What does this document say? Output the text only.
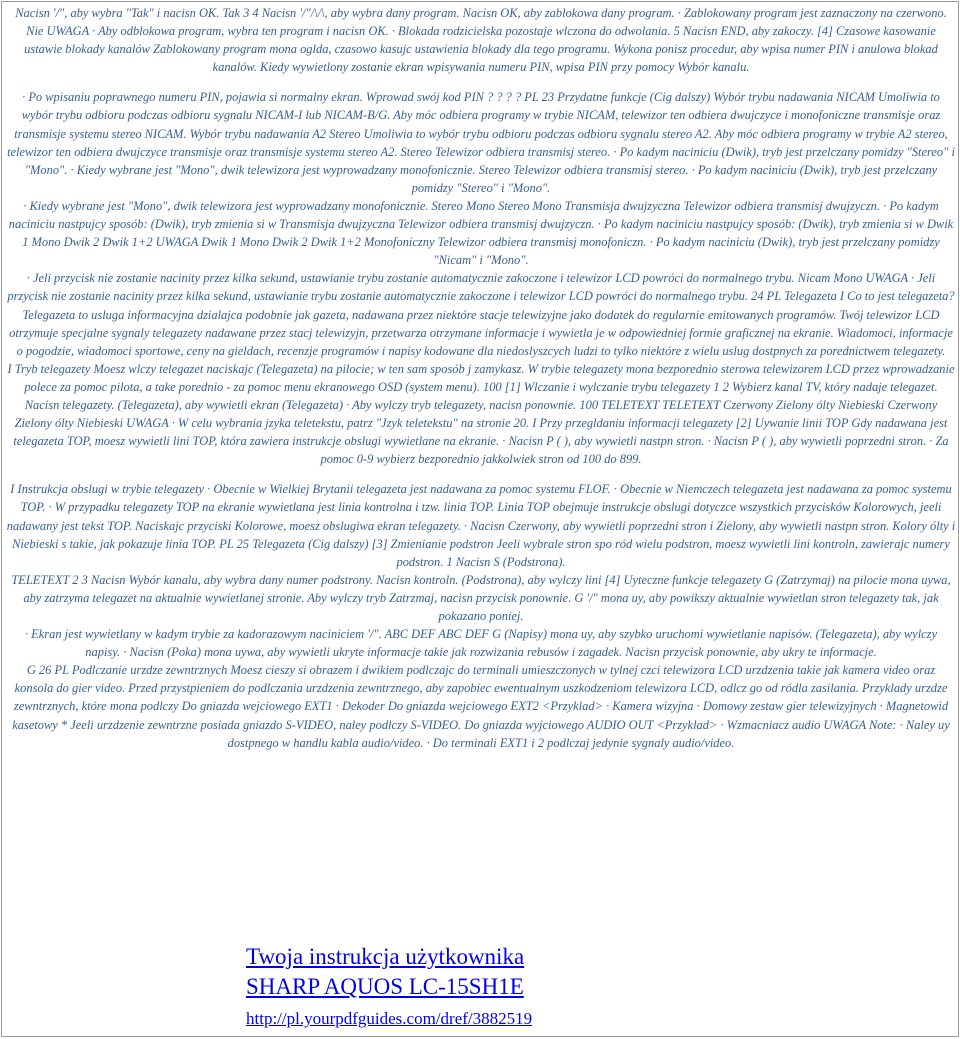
Nacisn '/", aby wybra "Tak" i nacisn OK. Tak 3 4 Nacisn '/"/\/\, aby wybra dany program. Nacisn OK, aby zablokowa dany program. · Zablokowany program jest zaznaczony na czerwono. Nie UWAGA · Aby odblokowa program, wybra ten program i nacisn OK. · Blokada rodzicielska pozostaje wlczona do odwolania. 5 Nacisn END, aby zakoczy. [4] Czasowe kasowanie ustawie blokady kanalów Zablokowany program mona oglda, czasowo kasujc ustawienia blokady dla tego programu. Wykona ponisz procedur, aby wpisa numer PIN i anulowa blokad kanalów. Kiedy wywietlony zostanie ekran wpisywania numeru PIN, wpisa PIN przy pomocy Wybór kanalu.

· Po wpisaniu poprawnego numeru PIN, pojawia si normalny ekran. Wprowad swój kod PIN ? ? ? ? PL 23 Przydatne funkcje (Cig dalszy) Wybór trybu nadawania NICAM Umoliwia to wybór trybu odbioru podczas odbioru sygnalu NICAM-I lub NICAM-B/G. Aby móc odbiera programy w trybie NICAM, telewizor ten odbiera dwujczyce i monofoniczne transmisje oraz transmisje systemu stereo NICAM. Wybór trybu nadawania A2 Stereo Umoliwia to wybór trybu odbioru podczas odbioru sygnalu stereo A2. Aby móc odbiera programy w trybie A2 stereo, telewizor ten odbiera dwujczyce transmisje oraz transmisje systemu stereo A2. Stereo Telewizor odbiera transmisj stereo. · Po kadym naciniciu (Dwik), tryb jest przelczany pomidzy "Stereo" i "Mono". · Kiedy wybrane jest "Mono", dwik telewizora jest wyprowadzany monofonicznie. Stereo Telewizor odbiera transmisj stereo. · Po kadym naciniciu (Dwik), tryb jest przelczany pomidzy "Stereo" i "Mono".

· Kiedy wybrane jest "Mono", dwik telewizora jest wyprowadzany monofonicznie. Stereo Mono Stereo Mono Transmisja dwujzyczna Telewizor odbiera transmisj dwujzyczn. · Po kadym naciniciu nastpujcy sposób: (Dwik), tryb zmienia si w Transmisja dwujzyczna Telewizor odbiera transmisj dwujzyczn. · Po kadym naciniciu nastpujcy sposób: (Dwik), tryb zmienia si w Dwik 1 Mono Dwik 2 Dwik 1+2 UWAGA Dwik 1 Mono Dwik 2 Dwik 1+2 Monofoniczny Telewizor odbiera transmisj monofoniczn. · Po kadym naciniciu (Dwik), tryb jest przelczany pomidzy "Nicam" i "Mono".

· Jeli przycisk nie zostanie nacinity przez kilka sekund, ustawianie trybu zostanie automatycznie zakoczone i telewizor LCD powróci do normalnego trybu. Nicam Mono UWAGA · Jeli przycisk nie zostanie nacinity przez kilka sekund, ustawianie trybu zostanie automatycznie zakoczone i telewizor LCD powróci do normalnego trybu. 24 PL Telegazeta I Co to jest telegazeta? Telegazeta to usluga informacyjna dzialajca podobnie jak gazeta, nadawana przez niektóre stacje telewizyjne jako dodatek do regularnie emitowanych programów. Twój telewizor LCD otrzymuje specjalne sygnaly telegazety nadawane przez stacj telewizyjn, przetwarza otrzymane informacje i wywietla je w odpowiedniej formie graficznej na ekranie. Wiadomoci, informacje o pogodzie, wiadomoci sportowe, ceny na gieldach, recenzje programów i napisy kodowane dla niedoslyszcych ludzi to tylko niektóre z wielu uslug dostpnych za porednictwem telegazety.

I Tryb telegazety Moesz wlczy telegazet naciskajc (Telegazeta) na pilocie; w ten sam sposób j zamykasz. W trybie telegazety mona bezporednio sterowa telewizorem LCD przez wprowadzanie polece za pomoc pilota, a take porednio - za pomoc menu ekranowego OSD (system menu). 100 [1] Wlczanie i wylczanie trybu telegazety 1 2 Wybierz kanal TV, który nadaje telegazet. Nacisn telegazety. (Telegazeta), aby wywietli ekran (Telegazeta) · Aby wylczy tryb telegazety, nacisn ponownie. 100 TELETEXT TELETEXT Czerwony Zielony ólty Niebieski Czerwony Zielony ólty Niebieski UWAGA · W celu wybrania jzyka teletekstu, patrz "Jzyk teletekstu" na stronie 20. I Przy przegldaniu informacji telegazety [2] Uywanie linii TOP Gdy nadawana jest telegazeta TOP, moesz wywietli lini TOP, która zawiera instrukcje obslugi wywietlane na ekranie. · Nacisn P ( ), aby wywietli nastpn stron. · Nacisn P ( ), aby wywietli poprzedni stron. · Za pomoc 0-9 wybierz bezporednio jakkolwiek stron od 100 do 899.

I Instrukcja obslugi w trybie telegazety · Obecnie w Wielkiej Brytanii telegazeta jest nadawana za pomoc systemu FLOF. · Obecnie w Niemczech telegazeta jest nadawana za pomoc systemu TOP. · W przypadku telegazety TOP na ekranie wywietlana jest linia kontrolna i tzw. linia TOP. Linia TOP obejmuje instrukcje obslugi dotyczce wszystkich przycisków Kolorowych, jeeli nadawany jest tekst TOP. Naciskajc przyciski Kolorowe, moesz obslugiwa ekran telegazety. · Nacisn Czerwony, aby wywietli poprzedni stron i Zielony, aby wywietli nastpn stron. Kolory ólty i Niebieski s takie, jak pokazuje linia TOP. PL 25 Telegazeta (Cig dalszy) [3] Zmienianie podstron Jeeli wybrale stron spo ród wielu podstron, moesz wywietli lini kontroln, zawierajc numery podstron. 1 Nacisn S (Podstrona).

TELETEXT 2 3 Nacisn Wybór kanalu, aby wybra dany numer podstrony. Nacisn kontroln. (Podstrona), aby wylczy lini [4] Uyteczne funkcje telegazety G (Zatrzymaj) na pilocie mona uywa, aby zatrzyma telegazet na aktualnie wywietlanej stronie. Aby wylczy tryb Zatrzmaj, nacisn przycisk ponownie. G '/" mona uy, aby powikszy aktualnie wywietlan stron telegazety tak, jak pokazano poniej.

· Ekran jest wywietlany w kadym trybie za kadorazowym naciniciem '/". ABC DEF ABC DEF G (Napisy) mona uy, aby szybko uruchomi wywietlanie napisów. (Telegazeta), aby wylczy napisy. · Nacisn (Poka) mona uywa, aby wywietli ukryte informacje takie jak rozwizania rebusów i zagadek. Nacisn przycisk ponownie, aby ukry te informacje.

G 26 PL Podlczanie urzdze zewntrznych Moesz cieszy si obrazem i dwikiem podlczajc do terminali umieszczonych w tylnej czci telewizora LCD urzdzenia takie jak kamera video oraz konsola do gier video. Przed przystpieniem do podlczania urzdzenia zewntrznego, aby zapobiec ewentualnym uszkodzeniom telewizora LCD, odlcz go od ródla zasilania. Przyklady urzdze zewntrznych, które mona podlczy Do gniazda wejciowego EXT1 · Dekoder Do gniazda wejciowego EXT2 <Przyklad> · Kamera wizyjna · Domowy zestaw gier telewizyjnych · Magnetowid kasetowy * Jeeli urzdzenie zewntrzne posiada gniazdo S-VIDEO, naley podlczy S-VIDEO. Do gniazda wyjciowego AUDIO OUT <Przyklad> · Wzmacniacz audio UWAGA Note: · Naley uy dostpnego w handlu kabla audio/video. · Do terminali EXT1 i 2 podlczaj jedynie sygnaly audio/video.

Twoja instrukcja użytkownika
SHARP AQUOS LC-15SH1E
http://pl.yourpdfguides.com/dref/3882519
